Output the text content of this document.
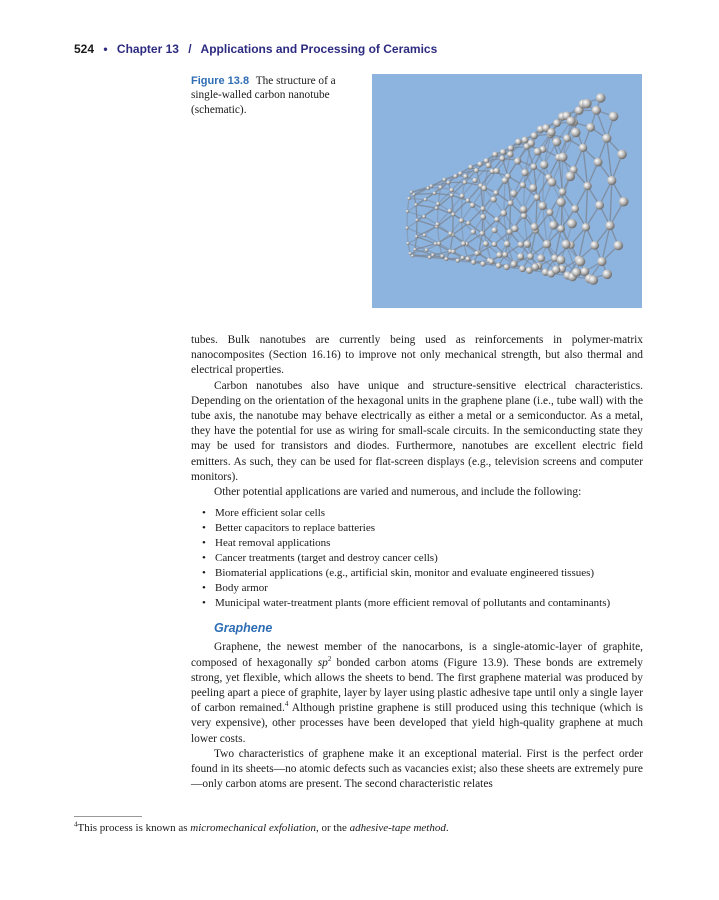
524 • Chapter 13 / Applications and Processing of Ceramics
Figure 13.8 The structure of a single-walled carbon nanotube (schematic).

tubes. Bulk nanotubes are currently being used as reinforcements in polymer-matrix nanocomposites (Section 16.16) to improve not only mechanical strength, but also thermal and electrical properties.

Carbon nanotubes also have unique and structure-sensitive electrical characteristics. Depending on the orientation of the hexagonal units in the graphene plane (i.e., tube wall) with the tube axis, the nanotube may behave electrically as either a metal or a semiconductor. As a metal, they have the potential for use as wiring for small-scale circuits. In the semiconducting state they may be used for transistors and diodes. Furthermore, nanotubes are excellent electric field emitters. As such, they can be used for flat-screen displays (e.g., television screens and computer monitors).

Other potential applications are varied and numerous, and include the following:

• More efficient solar cells
• Better capacitors to replace batteries
• Heat removal applications
• Cancer treatments (target and destroy cancer cells)
• Biomaterial applications (e.g., artificial skin, monitor and evaluate engineered tissues)
• Body armor
• Municipal water-treatment plants (more efficient removal of pollutants and contaminants)
Graphene

Graphene, the newest member of the nanocarbons, is a single-atomic-layer of graphite, composed of hexagonally $sp^2$ bonded carbon atoms (Figure 13.9). These bonds are extremely strong, yet flexible, which allows the sheets to bend. The first graphene material was produced by peeling apart a piece of graphite, layer by layer using plastic adhesive tape until only a single layer of carbon remained.$^4$ Although pristine graphene is still produced using this technique (which is very expensive), other processes have been developed that yield high-quality graphene at much lower costs.

Two characteristics of graphene make it an exceptional material. First is the perfect order found in its sheets—no atomic defects such as vacancies exist; also these sheets are extremely pure—only carbon atoms are present. The second characteristic relates

$^4$This process is known as micromechanical exfoliation, or the adhesive-tape method.
